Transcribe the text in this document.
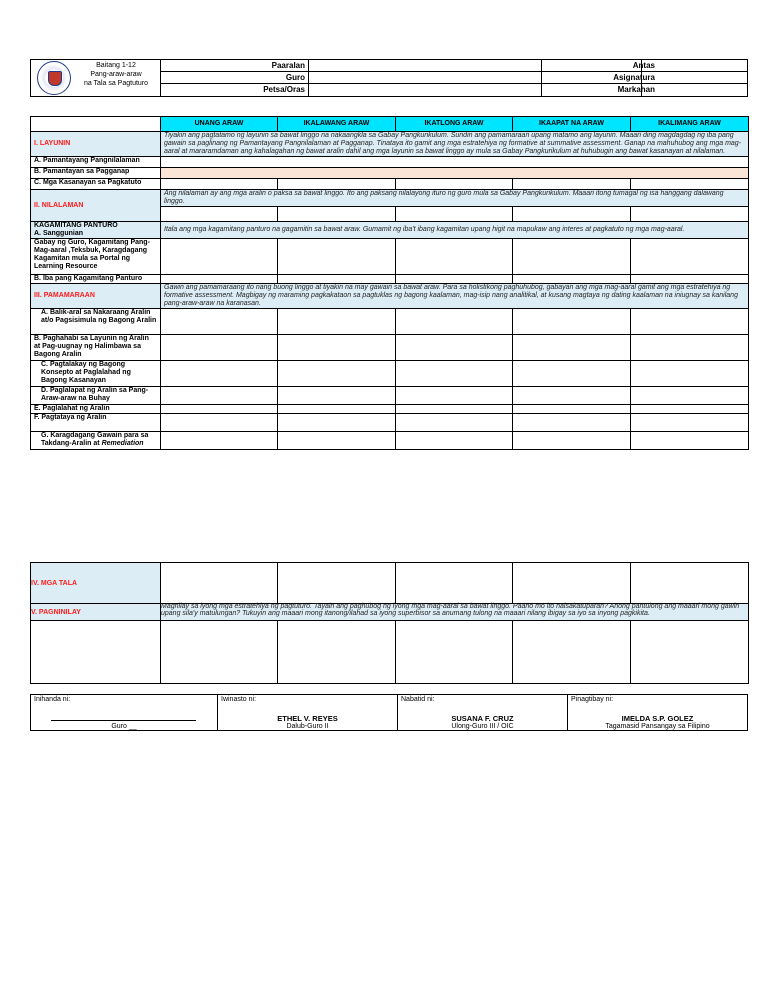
Baitang 1-12
Pang-araw-araw
na Tala sa Pagtuturo
Paaralan	Antas
Guro	Asignatura
Petsa/Oras	Markahan
	UNANG ARAW	IKALAWANG ARAW	IKATLONG ARAW	IKAAPAT NA ARAW	IKALIMANG ARAW
I. LAYUNIN	Tiyakin ang pagtatamo ng layunin sa bawat linggo na nakaangkla sa Gabay Pangkurikulum. Sundin ang pamamaraan upang matamo ang layunin. Maaari ding magdagdag ng iba pang gawain sa paglinang ng Pamantayang Pangnilalaman at Pagganap. Tinataya ito gamit ang mga estratehiya ng formative at summative assessment. Ganap na mahuhubog ang mga mag-aaral at mararamdaman ang kahalagahan ng bawat aralin dahil ang mga layunin sa bawat linggo ay mula sa Gabay Pangkurikulum at huhubugin ang bawat kasanayan at nilalaman.				
A. Pamantayang Pangnilalaman					
B. Pamantayan sa Pagganap					
C. Mga Kasanayan sa Pagkatuto					
II. NILALAMAN	Ang nilalaman ay ang mga aralin o paksa sa bawat linggo. Ito ang paksang nilalayong ituro ng guro mula sa Gabay Pangkurikulum. Maaari itong tumagal ng isa hanggang dalawang linggo.				

KAGAMITANG PANTURO
A. Sanggunian	Itala ang mga kagamitang panturo na gagamitin sa bawat araw. Gumamit ng iba't ibang kagamitan upang higit na mapukaw ang interes at pagkatuto ng mga mag-aaral.				
Gabay ng Guro, Kagamitang Pang-Mag-aaral ,Teksbuk, Karagdagang Kagamitan mula sa Portal ng Learning Resource					
B. Iba pang Kagamitang Panturo					
III. PAMAMARAAN	Gawin ang pamamaraang ito nang buong linggo at tiyakin na may gawain sa bawat araw. Para sa holistikong paghuhubog, gabayan ang mga mag-aaral gamit ang mga estratehiya ng formative assessment. Magbigay ng maraming pagkakataon sa pagtuklas ng bagong kaalaman, mag-isip nang analitikal, at kusang magtaya ng dating kaalaman na iniugnay sa kanilang pang-araw-araw na karanasan.				
A. Balik-aral sa Nakaraang Aralin at/o Pagsisimula ng Bagong Aralin					
B. Paghahabi sa Layunin ng Aralin at Pag-uugnay ng Halimbawa sa Bagong Aralin					
C. Pagtalakay ng Bagong Konsepto at Paglalahad ng Bagong Kasanayan					
D. Paglalapat ng Aralin sa Pang-Araw-araw na Buhay					
E. Paglalahat ng Aralin					
F. Pagtataya ng Aralin					
G. Karagdagang Gawain para sa Takdang-Aralin at Remediation					
IV. MGA TALA					
V. PAGNINILAY	Magnilay sa iyong mga estratehiya ng pagtuturo. Tayain ang paghubog ng iyong mga mag-aaral sa bawat linggo. Paano mo ito naisakatuparan? Anong pantulong ang maaari mong gawin upang sila'y matulungan? Tukuyin ang maaari mong itanong/ilahad sa iyong superbisor sa anumang tulong na maaari nilang ibigay sa iyo sa inyong pagkikita.				

Inihanda ni:
Guro __
Iwinasto ni:
ETHEL V. REYES
Dalub-Guro II
Nabatid ni:
SUSANA F. CRUZ
Ulong-Guro III / OIC
Pinagtibay ni:
IMELDA S.P. GOLEZ
Tagamasid Pansangay sa Filipino
